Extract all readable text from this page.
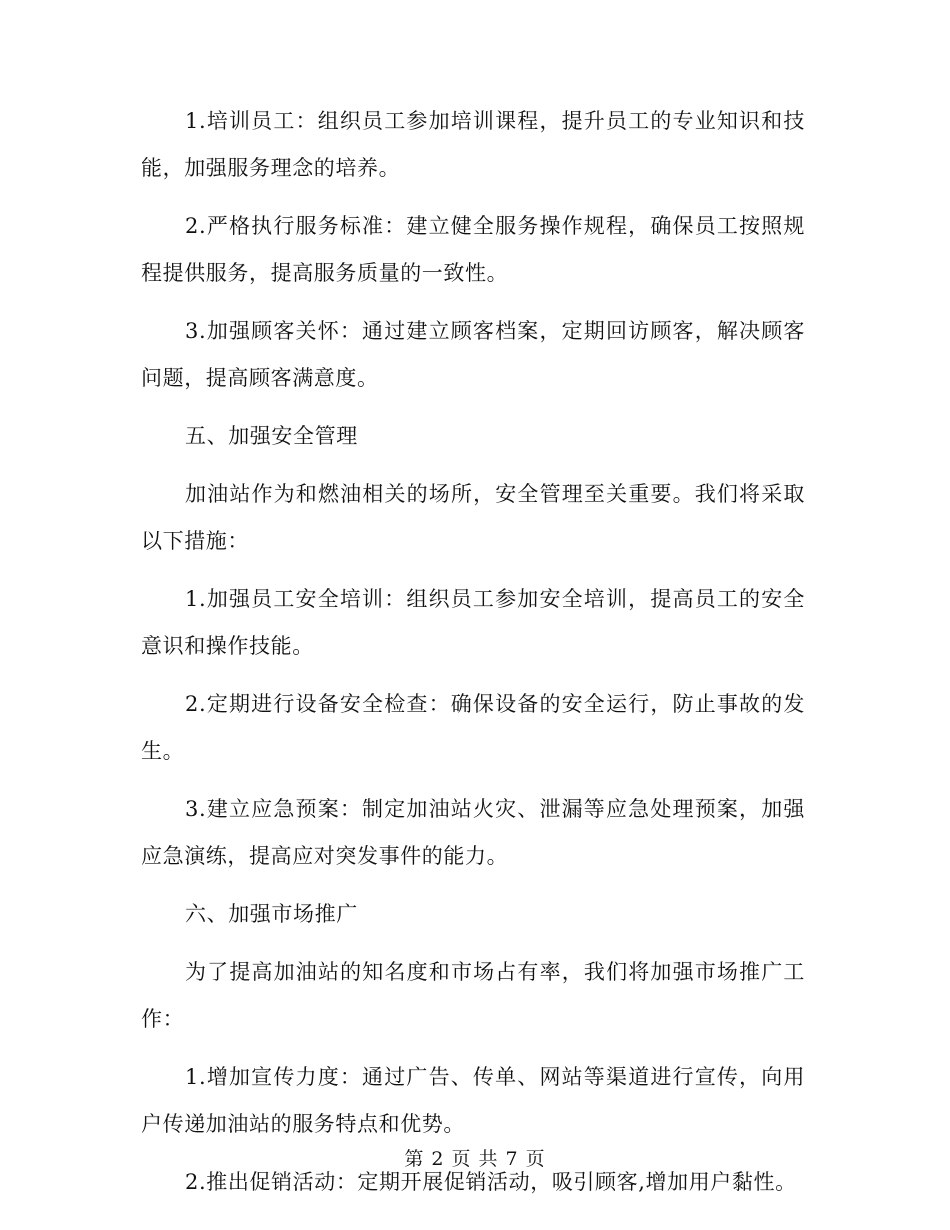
1.培训员工：组织员工参加培训课程，提升员工的专业知识和技能，加强服务理念的培养。

2.严格执行服务标准：建立健全服务操作规程，确保员工按照规程提供服务，提高服务质量的一致性。

3.加强顾客关怀：通过建立顾客档案，定期回访顾客，解决顾客问题，提高顾客满意度。

五、加强安全管理

加油站作为和燃油相关的场所，安全管理至关重要。我们将采取以下措施：

1.加强员工安全培训：组织员工参加安全培训，提高员工的安全意识和操作技能。

2.定期进行设备安全检查：确保设备的安全运行，防止事故的发生。

3.建立应急预案：制定加油站火灾、泄漏等应急处理预案，加强应急演练，提高应对突发事件的能力。

六、加强市场推广

为了提高加油站的知名度和市场占有率，我们将加强市场推广工作：

1.增加宣传力度：通过广告、传单、网站等渠道进行宣传，向用户传递加油站的服务特点和优势。

2.推出促销活动：定期开展促销活动，吸引顾客,增加用户黏性。

第 2 页 共 7 页
